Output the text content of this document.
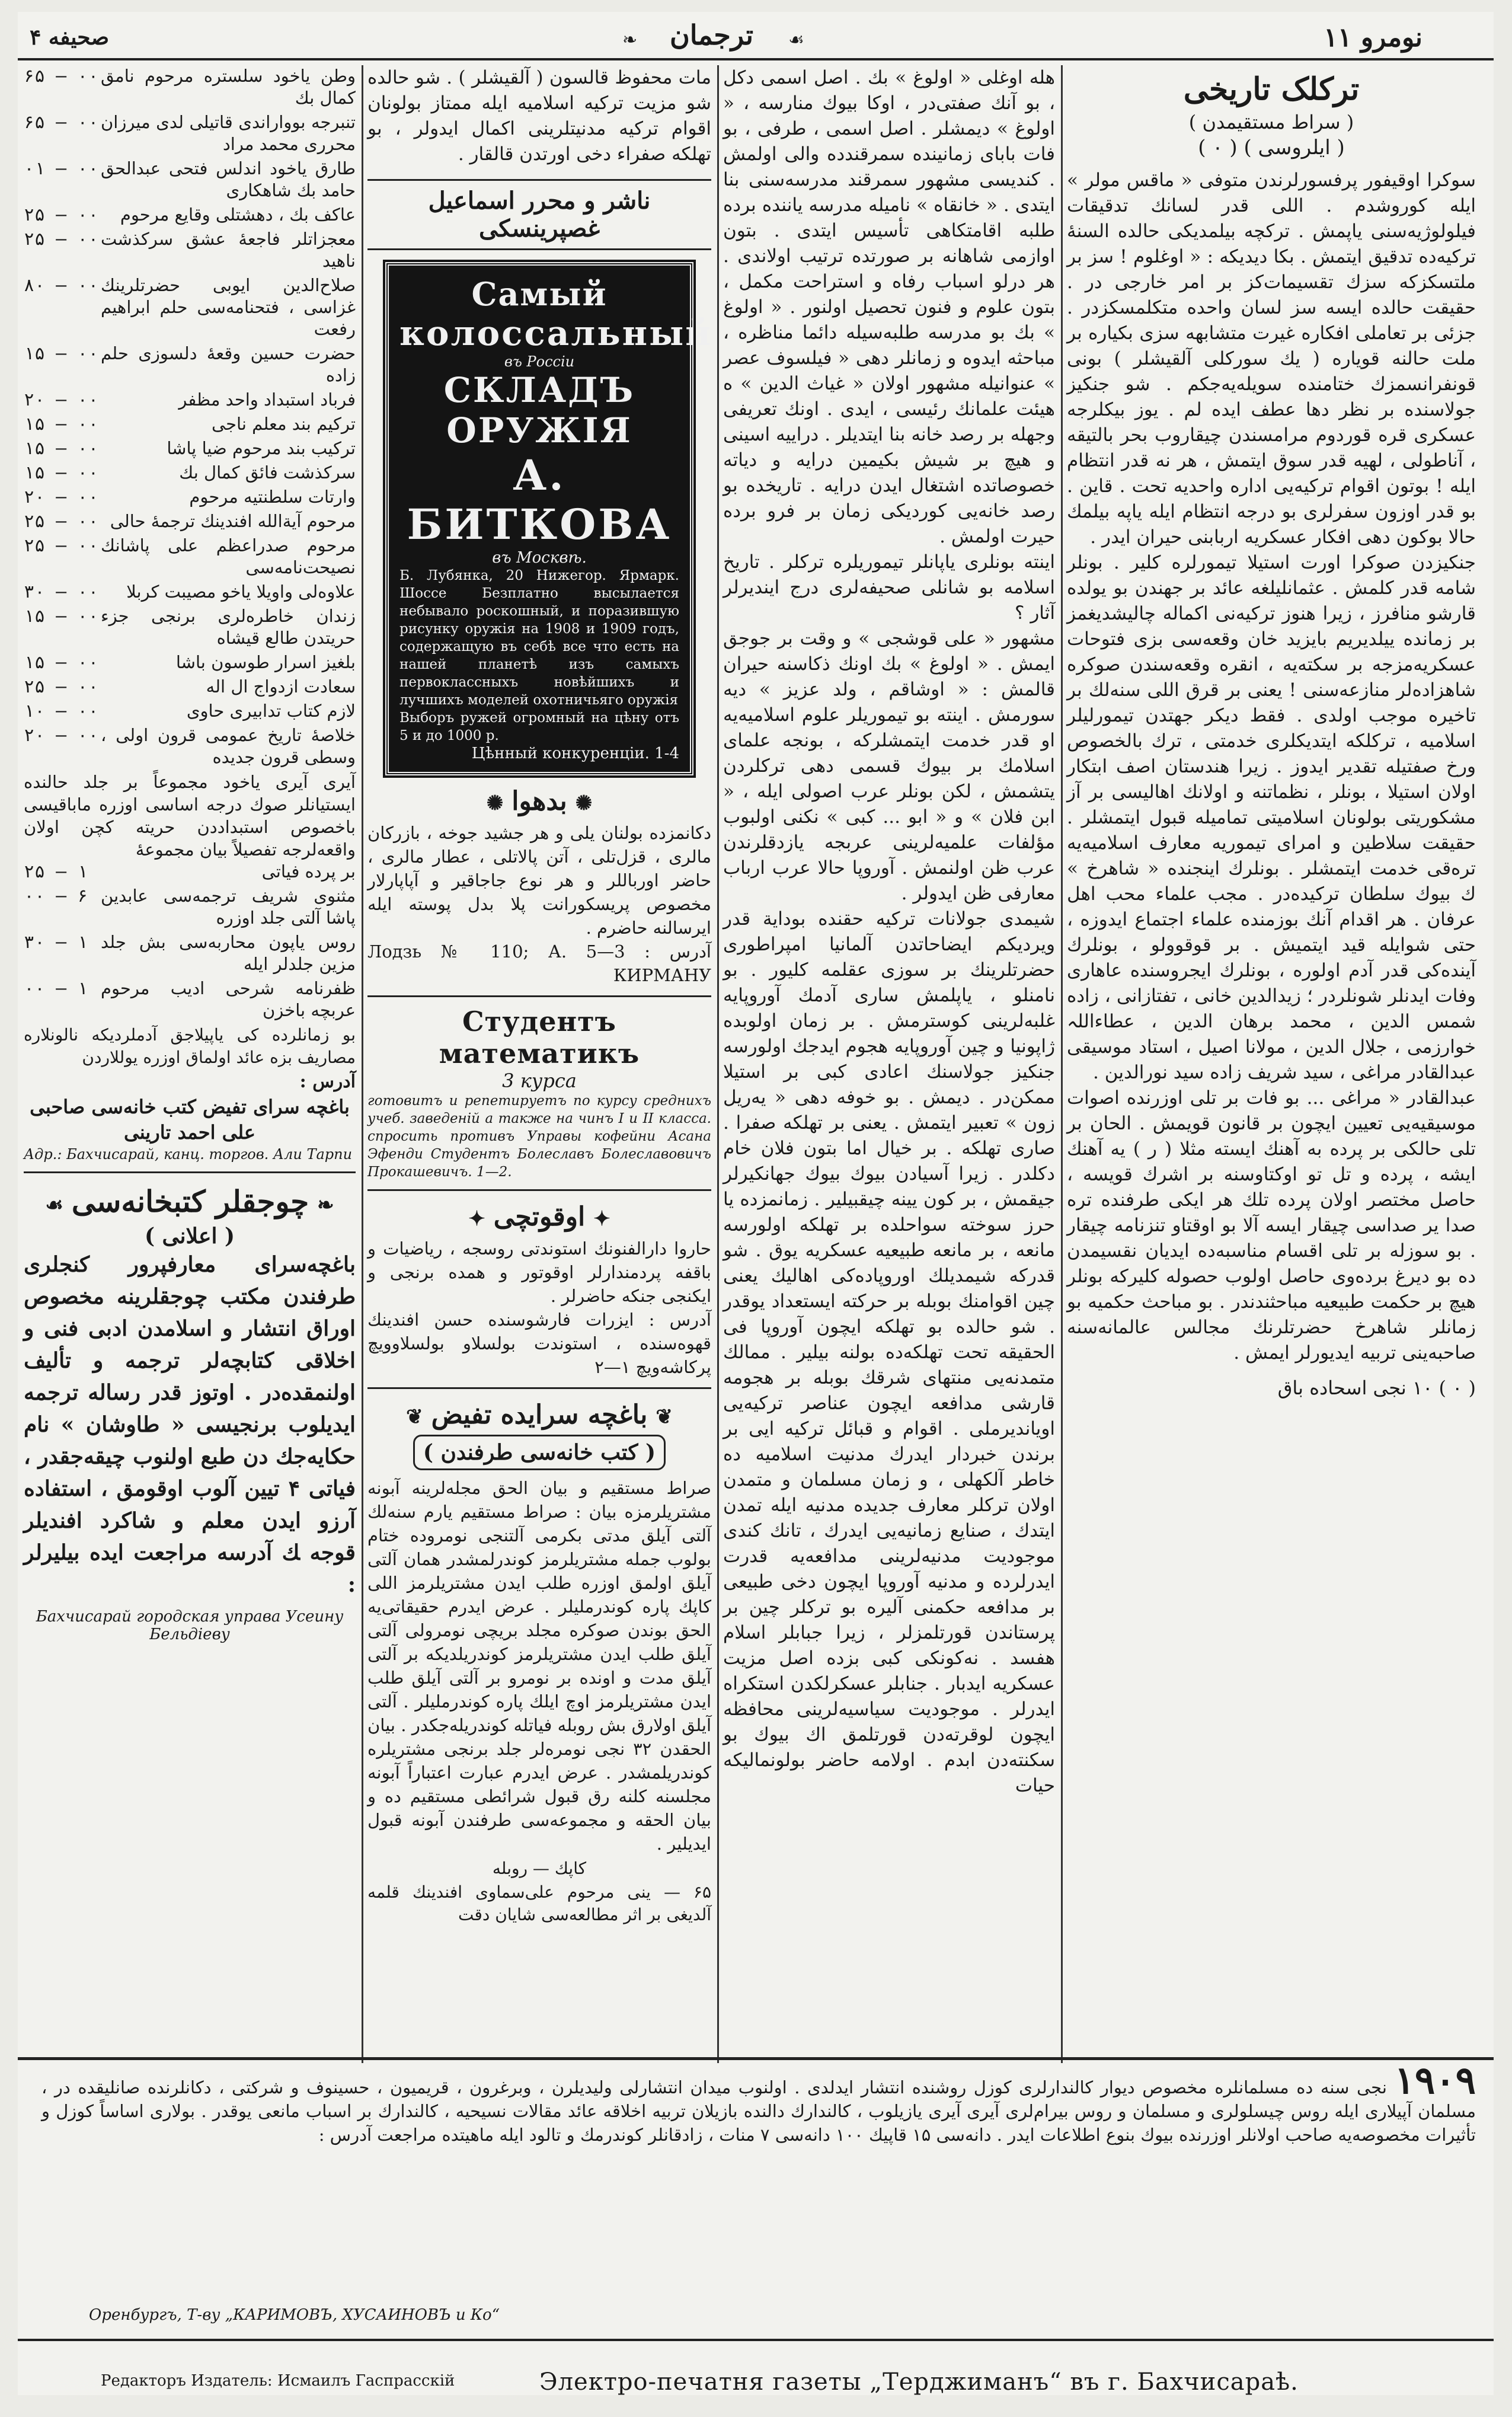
نومرو ۱۱
❧ ترجمان ☙
صحیفه ۴
ترکلک تاریخی
( سراط مستقیمدن )
( ایلروسی ) ( ۰ )
سوکرا اوقیفور پرفسورلرندن متوفی « ماقس مولر » ایله کوروشدم . اللی قدر لسانك تدقیقات فیلولوژیه‌سنی یاپمش . ترکچه بیلمدیکی حالده السنهٔ ترکیه‌ده تدقیق ایتمش . بکا دیدیکه : « اوغلوم ! سز بر ملتسکزکه سزك تقسیمات‌کز بر امر خارجی در . حقیقت حالده ایسه سز لسان واحده متکلمسکزدر . جزئی بر تعاملی افکاره غیرت متشابهه سزی بکیاره بر ملت حالنه قویاره ( یك سورکلی آلقیشلر ) بونی قونفرانسمزك ختامنده سویله‌یه‌جکم . شو جنکیز جولاسنده بر نظر دها عطف ایده لم . یوز بیکلرجه عسکری قره قوردوم مرامسندن چیقاروب بحر بالتیقه ، آناطولی ، لهیه قدر سوق ایتمش ، هر نه قدر انتظام ایله ! بوتون اقوام ترکیه‌یی اداره واحدیه تحت . قاین . بو قدر اوزون سفرلری بو درجه انتظام ایله یاپه بیلمك حالا بوکون دهی افکار عسکریه اربابنی حیران ایدر .
جنکیزدن صوکرا اورت استیلا تیمورلره کلیر . بونلر شامه قدر کلمش . عثمانلیلغه عائد بر جهندن بو یولده قارشو منافرز ، زیرا هنوز ترکیه‌نی اکماله چالیشدیغمز بر زمانده ییلدیریم بایزید خان وقعه‌سی بزی فتوحات عسکریه‌مزجه بر سکته‌یه ، انقره وقعه‌سندن صوکره شاهزاده‌لر منازعه‌سنی ! یعنی بر قرق اللی سنه‌لك بر تاخیره موجب اولدی . فقط دیکر جهتدن تیمورلیلر اسلامیه ، ترکلکه ایتدیکلری خدمتی ، ترك بالخصوص ورخ صفتیله تقدیر ایدوز . زیرا هندستان اصف ابتکار اولان استیلا ، بونلر ، نظماتنه و اولانك اهالیسی بر آز مشکوریتی بولونان اسلامیتی تمامیله قبول ایتمشلر . حقیقت سلاطین و امرای تیموریه معارف اسلامیه‌یه تره‌قی خدمت ایتمشلر . بونلرك اینجنده « شاهرخ » ك بیوك سلطان ترکیده‌در . مجب علماء محب اهل عرفان . هر اقدام آنك بوزمنده علماء اجتماع ایدوزه ، حتی شوایله قید ایتمیش . بر قوقوولو ، بونلرك آینده‌کی قدر آدم اولوره ، بونلرك ایجروسنده عاهاری وفات ایدنلر شونلردر ؛ زیدالدین خانی ، تفتازانی ، زاده شمس الدین ، محمد برهان الدین ، عطاءاللہ خوارزمی ، جلال الدین ، مولانا اصیل ، استاد موسیقی عبدالقادر مراغی ، سید شریف زاده سید نورالدین .
عبدالقادر « مراغی ... بو فات بر تلی اوزرنده اصوات موسیقیه‌یی تعیین ایچون بر قانون قویمش . الحان بر تلی حالکی بر پرده به آهنك ایسته مثلا ( ر ) یه آهنك ایشه ، پرده و تل تو اوکتاوسنه بر اشرك قویسه ، حاصل مختصر اولان پرده تلك هر ایکی طرفنده تره صدا یر صداسی چیقار ایسه آلا بو اوقتاو تنزنامه چیقار . بو سوزله بر تلی اقسام مناسبه‌ده ایدیان نقسیمدن ده بو دیرغ برده‌وی حاصل اولوب حصوله کلیرکه بونلر هیچ بر حکمت طبیعیه مباحثندندر . بو مباحث حکمیه بو زمانلر شاهرخ حضرتلرنك مجالس عالمانه‌سنه صاحبه‌ینی تربیه ایدیورلر ایمش .
( ۰ ) ۱۰ نجی اسحاده باق
هله اوغلی « اولوغ » بك . اصل اسمی دکل ، بو آنك صفتی‌در ، اوکا بیوك منارسه ، « اولوغ » دیمشلر . اصل اسمی ، طرفی ، بو فات بابای زمانینده سمرقندده والی اولمش . کندیسی مشهور سمرقند مدرسه‌سنی بنا ایتدی . « خانقاه » نامیله مدرسه یاننده برده طلبه اقامتکاهی تأسیس ایتدی . بتون اوازمی شاهانه بر صورتده ترتیب اولاندی . هر درلو اسباب رفاه و استراحت مکمل ، بتون علوم و فنون تحصیل اولنور . « اولوغ » بك بو مدرسه طلبه‌سیله دائما مناظره ، مباحثه ایدوه و زمانلر دهی « فیلسوف عصر » عنوانیله مشهور اولان « غیاث الدین » ه هیئت علمانك رئیسی ، ایدی . اونك تعریفی وجهله بر رصد خانه بنا ایتدیلر . دراییه اسینی و هیچ بر شیش بکیمین درایه و دیاته خصوصاتده اشتغال ایدن درایه . تاریخده بو رصد خانه‌یی کوردیکی زمان بر فرو برده حیرت اولمش .
اینته بونلری یاپانلر تیموریلره ترکلر . تاریخ اسلامه بو شانلی صحیفه‌لری درج ایندیرلر آثار ؟
مشهور « علی قوشجی » و وقت بر جوجق ایمش . « اولوغ » بك اونك ذکاسنه حیران قالمش : « اوشاقم ، ولد عزیز » دیه سورمش . اینته بو تیموریلر علوم اسلامیه‌یه او قدر خدمت ایتمشلرکه ، بونجه علمای اسلامك بر بیوك قسمی دهی ترکلردن یتشمش ، لکن بونلر عرب اصولی ایله ، « ابن فلان » و « ابو ... کبی » نکنی اولبوب مؤلفات علمیه‌لرینی عربجه یازدقلرندن عرب ظن اولنمش . آوروپا حالا عرب ارباب معارفی ظن ایدولر .
شیمدی جولانات ترکیه حقنده بوداية قدر ویردیکم ایضاحاتدن آلمانیا امپراطوری حضرتلرینك بر سوزی عقلمه کلیور . بو نامنلو ، یاپلمش ساری آدمك آوروپایه غلبه‌لرینی کوسترمش . بر زمان اولوبده ژاپونیا و چین آوروپایه هجوم ایدجك اولورسه جنکیز جولاسنك اعادی کبی بر استیلا ممکن‌در . دیمش . بو خوفه دهی « یه‌ریل زون » تعبیر ایتمش . یعنی بر تهلکه صفرا . صاری تهلکه . بر خیال اما بتون فلان خام دکلدر . زیرا آسیادن بیوك بیوك جهانکیرلر جیقمش ، بر کون یینه چیقبیلیر . زمانمزده یا حرز سوخته سواحلده بر تهلکه اولورسه مانعه ، بر مانعه طبیعیه عسکریه یوق . شو قدرکه شیمدیلك اوروپاده‌کی اهالیك یعنی چین اقوامنك بوبله بر حرکته ایستعداد یوقدر . شو حالده بو تهلکه ایچون آوروپا فی الحقیقه تحت تهلکه‌ده بولنه بیلیر . ممالك متمدنه‌یی منتهای شرقك بوبله بر هجومه قارشی مدافعه ایچون عناصر ترکیه‌یی اویاندیرملی . اقوام و قبائل ترکیه ایی بر برندن خبردار ایدرك مدنیت اسلامیه ده خاطر آلکهلی ، و زمان مسلمان و متمدن اولان ترکلر معارف جدیده مدنیه ایله تمدن ایتدك ، صنایع زمانیه‌یی ایدرك ، تانك کندی موجودیت مدنیه‌لرینی مدافعه‌یه قدرت ایدرلرده و مدنیه آوروپا ایچون دخی طبیعی بر مدافعه حکمنی آلیره بو ترکلر چین بر پرستاندن قورتلمزلر ، زیرا جبابلر اسلام هفسد . نه‌کونکی کبی بزده اصل مزیت عسکریه ایدبار . جنابلر عسکرلکدن استکراه ایدرلر . موجودیت سیاسیه‌لرینی محافظه ایچون لوقرته‌دن قورتلمق اك بیوك بو سکنته‌دن ابدم . اولامه حاضر بولونمالیکه حیات
مات محفوظ قالسون ( آلقیشلر ) . شو حالده شو مزیت ترکیه اسلامیه ایله ممتاز بولونان اقوام ترکیه مدنیتلرینی اکمال ایدولر ، بو تهلکه صفراء دخی اورتدن قالقار .
ناشر و محرر اسماعیل غصپرینسکی
Самый
колоссальный
въ Россіи
СКЛАДЪ ОРУЖІЯ
А. БИТКОВА
въ Москвѣ.
Б. Лубянка, 20 Нижегор. Ярмарк. Шоссе Безплатно высылается небывало роскошный, и поразившую рисунку оружія на 1908 и 1909 годъ, содержащую въ себѣ все что есть на нашей планетѣ изъ самыхъ первоклассныхъ новѣйшихъ и лучшихъ моделей охотничьяго оружія
Выборъ ружей огромный на цѣну отъ 5 и до 1000 р.
Цѣнный конкуренціи. 1-4
✺بدهوا✺
دکانمزده بولنان یلی و هر جشید جوخه ، بازرکان مالری ، قزل‌تلی ، آتن پالاتلی ، عطار مالری ، حاضر اورباللر و هر نوع جاجاقیر و آپاپارلار مخصوص پریسکورانت پلا بدل پوسته ایله ایرسالنه حاضرم .
آدرس : 3—5 Лодзь № 110; А. КИРМАНУ
Студентъ математикъ
3 курса
готовитъ и репетируетъ по курсу среднихъ учеб. заведеній а также на чинъ I и II класса. спросить противъ Управы кофейни Асана Эфенди Студентъ Болеславъ Болеславовичъ Прокашевичъ. 1—2.
✦اوقوتچی✦
حاروا دارالفنونك استوندتی روسجه ، ریاضیات و باقفه پردمندارلر اوقوتور و همده برنجی و ایکنجی جنکه حاضرلر .
آدرس : ایزرات فارشوسنده حسن افندینك قهوه‌سنده ، استوندت بولسلاو بولسلاوویچ پرکاشه‌ویچ ۱—۲
❦باغچه سرایده تفیض❦
( کتب خانه‌سی طرفندن )
صراط مستقیم و بیان الحق مجله‌لرینه آبونه مشتریلرمزه بیان : صراط مستقیم یارم سنه‌لك آلتی آیلق مدتی بکرمی آلتنجی نومروده ختام بولوب جمله مشتریلرمز کوندرلمشدر همان آلتی آیلق اولمق اوزره طلب ایدن مشتریلرمز اللی کاپك پاره کوندرملیلر . عرض ایدرم حقیقاتی‌یه الحق بوندن صوکره مجلد بریچی نومرولی آلتی آیلق طلب ایدن مشتریلرمز کوندریلدیکه بر آلتی آیلق مدت و اونده بر نومرو بر آلتی آیلق طلب ایدن مشتریلرمز اوچ ایلك پاره کوندرملیلر . آلتی آیلق اولارق بش روبله فیاتله کوندریله‌جکدر . بیان الحقدن ۳۲ نجی نومره‌لر جلد برنجی مشتریلره کوندریلمشدر . عرض ایدرم عبارت اعتباراً آبونه مجلسنه کلنه رق قبول شرائطی مستقیم ده و بیان الحقه و مجموعه‌سی طرفندن آبونه قبول ایدیلیر .
کاپك — روبله
۶۵ — ینی مرحوم علی‌سماوی افندینك قلمه آلدیغی بر اثر مطالعه‌سی شایان دقت
وطن یاخود سلستره مرحوم نامق کمال بك
۶۵ — ۰۰
تنبرجه بوواراندی قاتیلی لدی میرزان محرری محمد مراد
۶۵ — ۰۰
طارق یاخود اندلس فتحی عبدالحق حامد بك شاهکاری
۰۱ — ۰۰
عاکف بك ، دهشتلی وقایع مرحوم
۲۵ — ۰۰
معجزاتلر فاجعهٔ عشق سرکذشت ناهید
۲۵ — ۰۰
صلاح‌الدین ایوبی حضرتلرینك غزاسی ، فتحنامه‌سی حلم ابراهیم رفعت
۸۰ — ۰۰
حضرت حسین وقعهٔ دلسوزی حلم زاده
۱۵ — ۰۰
فرباد استبداد واحد مظفر
۲۰ — ۰۰
ترکیم بند معلم ناجی
۱۵ — ۰۰
ترکیب بند مرحوم ضیا پاشا
۱۵ — ۰۰
سرکذشت فائق کمال بك
۱۵ — ۰۰
وارتات سلطنتیه مرحوم
۲۰ — ۰۰
مرحوم آیة‌الله افندینك ترجمهٔ حالی
۲۵ — ۰۰
مرحوم صدراعظم علی پاشانك نصیحت‌نامه‌سی
۲۵ — ۰۰
علاوه‌لی واویلا یاخو مصیبت کربلا
۳۰ — ۰۰
زندان خاطره‌لری برنجی جزء حریتدن طالع قیشاه
۱۵ — ۰۰
بلغیز اسرار طوسون باشا
۱۵ — ۰۰
سعادت ازدواج ال اله
۲۵ — ۰۰
لازم کتاب تدابیری حاوی
۱۰ — ۰۰
خلاصهٔ تاریخ عمومی قرون اولی ، وسطی قرون جدیده
۲۰ — ۰۰
آیری آیری یاخود مجموعاً بر جلد حالنده ایستیانلر صوك درجه اساسی اوزره ماباقیسی باخصوص استبداددن حریته کچن اولان واقعه‌لرجه تفصیلاً بیان مجموعهٔ
بر پرده فیاتی
۲۵ — ۱
مثنوی شریف ترجمه‌سی عابدین پاشا آلتی جلد اوزره
۰۰ — ۶
روس یاپون محاربه‌سی بش جلد مزین جلدلر ایله
۳۰ — ۱
ظفرنامه شرحی ادیب مرحوم عربچه باخزن
۰۰ — ۱
بو زمانلرده کی یاپیلاجق آدملردیکه نالونلاره مصاریف بزه عائد اولماق اوزره یوللاردن
آدرس :
باغچه سرای تفیض کتب خانه‌سی صاحبی علی احمد تارینی
Адр.: Бахчисарай, канц. торгов. Али Тарпи
❧چوجقلر کتبخانه‌سی☙
( اعلانی )
باغچه‌سرای معارفپرور کنجلری طرفندن مکتب چوجقلرینه مخصوص اوراق انتشار و اسلامدن ادبی فنی و اخلاقی کتابچه‌لر ترجمه و تألیف اولنمقده‌در . اوتوز قدر رساله ترجمه ایدیلوب برنجیسی « طاوشان » نام حکایه‌جك‌ دن طبع اولنوب چیقه‌جقدر ، فیاتی ۴ تیین آلوب اوقومق ، استفاده آرزو ایدن معلم و شاکرد افندیلر قوجه‌ ‍ك آدرسه مراجعت ایده بیلیرلر :
Бахчисарай городская управа Усеину Бельдіеву
۱۹۰۹ نجی سنه ده مسلمانلره مخصوص دیوار کالندارلری کوزل روشنده انتشار ایدلدی . اولنوب میدان انتشارلی ولیدیلرن ، وبرغرون ، قریمیون ، حسینوف و شرکتی ، دکانلرنده صانلیقده در ، مسلمان آپیلاری ایله روس چیسلولری و مسلمان و روس بیرام‌لری آیری آیری یازیلوب ، کالندارك دالنده بازیلان تربیه اخلاقه عائد مقالات نسیحیه ، کالندارك بر اسباب مانعی یوقدر . بولاری اساساً کوزل و تأثیرات مخصوصه‌یه صاحب اولانلر اوزرنده بیوك بنوع اطلاعات ایدر . دانه‌سی ۱۵ قاپیك ۱۰۰ دانه‌سی ۷ منات ، زادقانلر کوندرمك و تالود ایله ماهیتده مراجعت آدرس :
Оренбургъ, Т-ву „КАРИМОВЪ, ХУСАИНОВЪ и Ко“
Редакторъ Издатель: Исмаилъ Гаспрасскій	Электро-печатня газеты „Терджиманъ“ въ г. Бахчисараѣ.
